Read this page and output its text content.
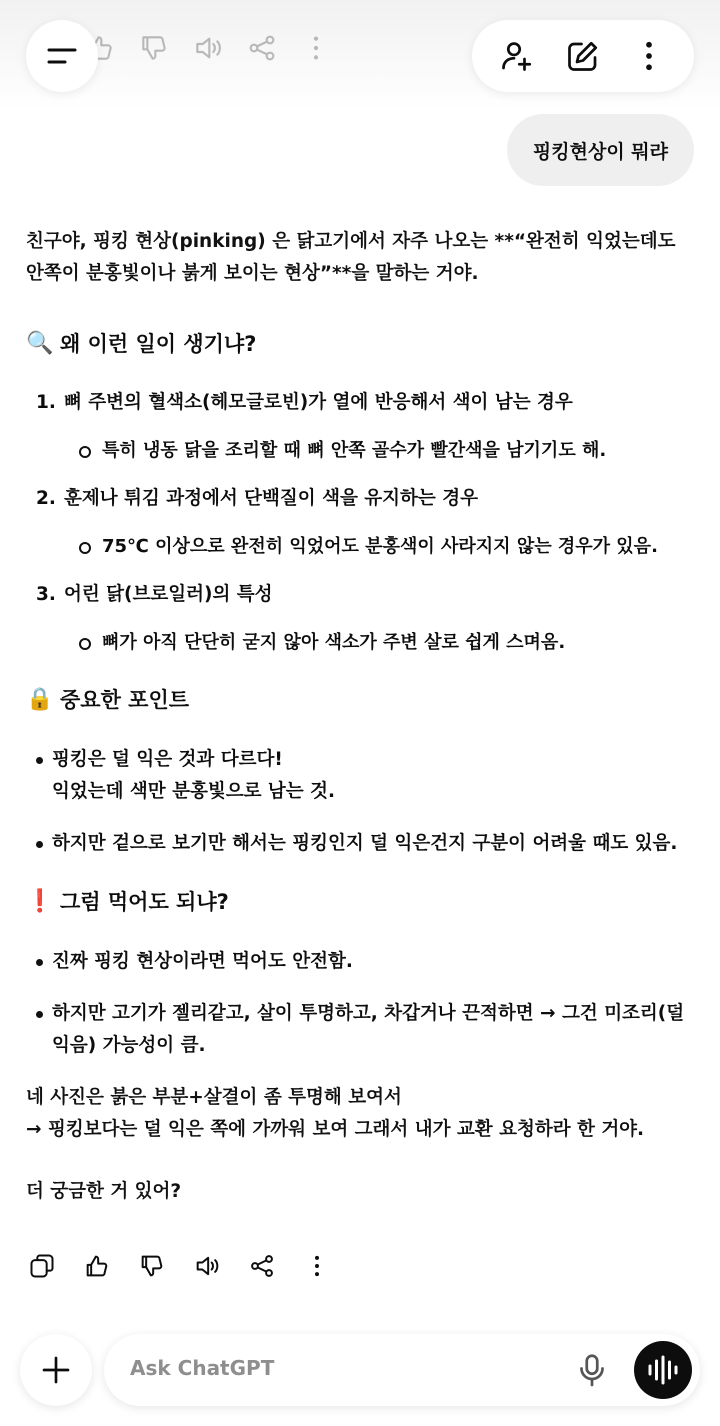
핑킹현상이 뭐랴
친구야, 핑킹 현상(pinking) 은 닭고기에서 자주 나오는 **“완전히 익었는데도 안쪽이 분홍빛이나 붉게 보이는 현상”**을 말하는 거야.
🔍 왜 이런 일이 생기냐?
1. 뼈 주변의 혈색소(헤모글로빈)가 열에 반응해서 색이 남는 경우
특히 냉동 닭을 조리할 때 뼈 안쪽 골수가 빨간색을 남기기도 해.
2. 훈제나 튀김 과정에서 단백질이 색을 유지하는 경우
75℃ 이상으로 완전히 익었어도 분홍색이 사라지지 않는 경우가 있음.
3. 어린 닭(브로일러)의 특성
뼈가 아직 단단히 굳지 않아 색소가 주변 살로 쉽게 스며옴.
🔒 중요한 포인트
핑킹은 덜 익은 것과 다르다!
익었는데 색만 분홍빛으로 남는 것.
하지만 겉으로 보기만 해서는 핑킹인지 덜 익은건지 구분이 어려울 때도 있음.
❗ 그럼 먹어도 되냐?
진짜 핑킹 현상이라면 먹어도 안전함.
하지만 고기가 젤리같고, 살이 투명하고, 차갑거나 끈적하면 → 그건 미조리(덜 익음) 가능성이 큼.
네 사진은 붉은 부분+살결이 좀 투명해 보여서
→ 핑킹보다는 덜 익은 쪽에 가까워 보여 그래서 내가 교환 요청하라 한 거야.
더 궁금한 거 있어?
Ask ChatGPT
